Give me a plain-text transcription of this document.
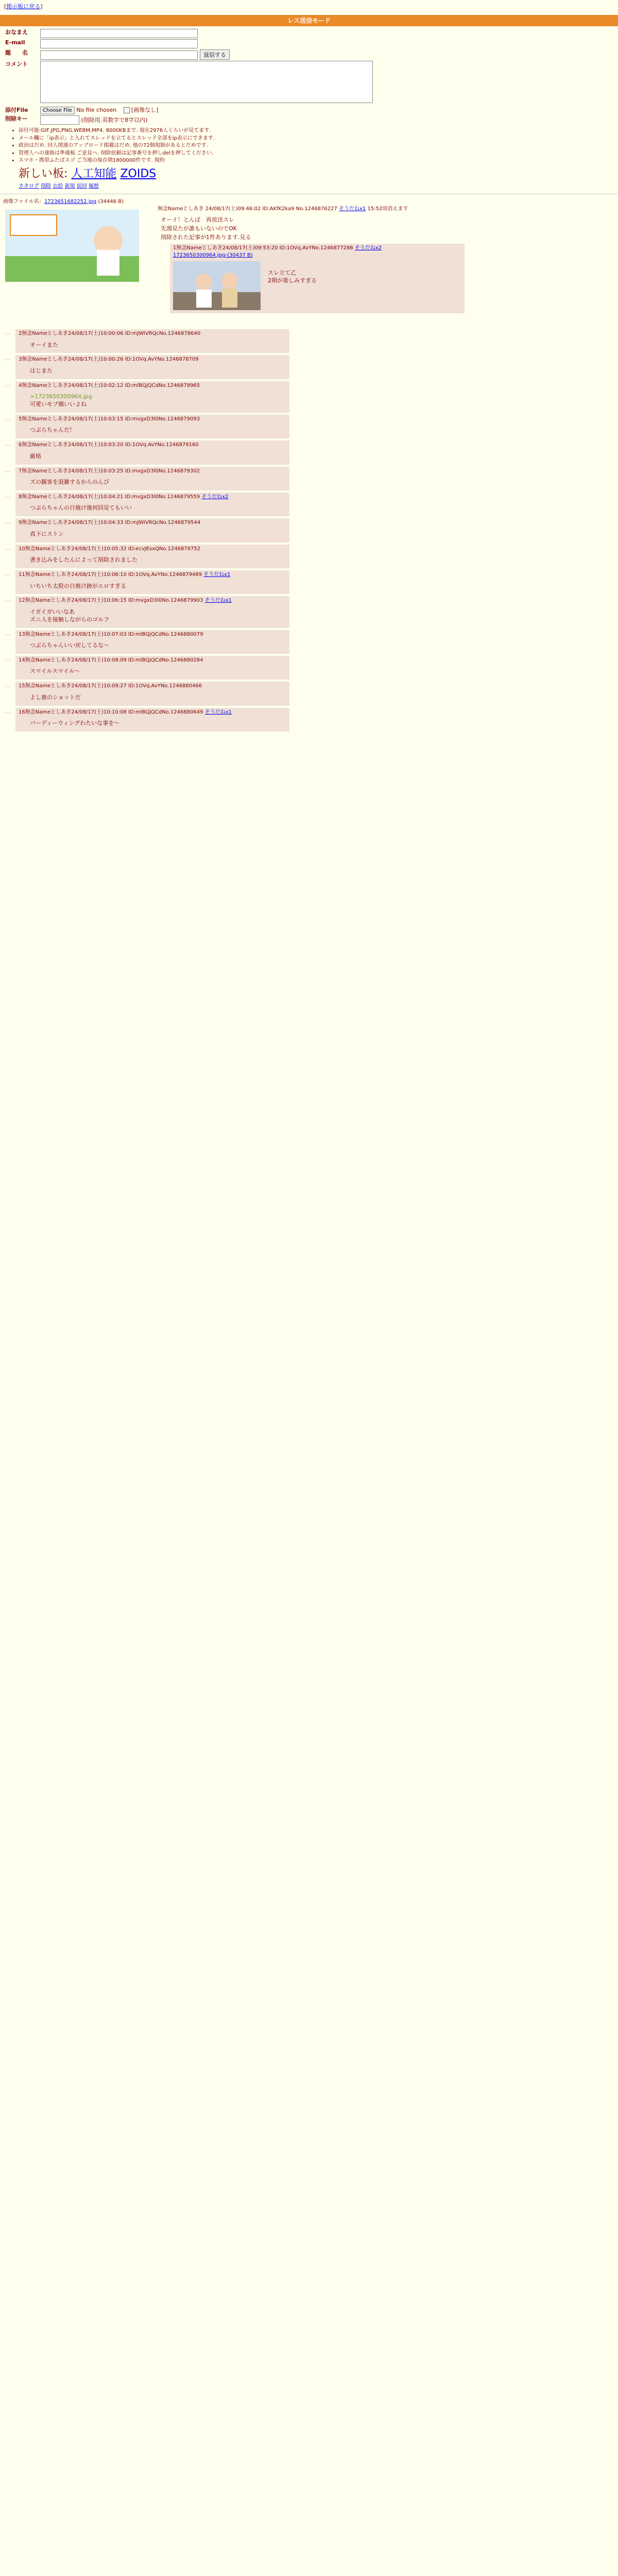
[掲示板に戻る]
レス送信モード
おなまえ	
E-mail	
題　　名	返信する
コメント	
添付File	Choose File No file chosen [画像なし]
削除キー	(削除用.英数字で8字以内)
• 添付可能:GIF,JPG,PNG,WEBM,MP4. 8000KBまで. 現在2976人くらいが見てます.
• メール欄に「ip表示」と入れてスレッドを立てるとスレッド全部をip表示にできます.
• 政治はだめ. 同人関連のアップロード掲載はだめ. 他の72個規制があるとだめです.
• 管理人への連絡は準備板 ご意見へ. 削除依頼は記事番号を押しdelを押してください.
• スマホ・携帯ふたばスゴ ご当地の保存期1800000件です. 規約
新しい板: 人工知能 ZOIDS
カタログ 削除 お絵 新規 前回 履歴
画像ファイル名：1723651682252.jpg (34446 B)
無念Nameとしあき 24/08/17(土)09:46:02 ID:AKfK2ka9 No.1246876227 そうだねx1 15:52頃消えます
オーイ！とんぼ　再放送スレ
先週見たが誰もいないのでOK
削除された記事が1件あります.見る
1無念Nameとしあき24/08/17(土)09:53:20 ID:1OVq.AvYNo.1246877288 そうだねx2
1723650300964.jpg-(30437 B)
スレ立て乙
2期が楽しみすぎる
… 2無念Nameとしあき24/08/17(土)10:00:06 ID:mJWiVRQcNo.1246878640
オーイまた
… 3無念Nameとしあき24/08/17(土)10:00:26 ID:1OVq.AvYNo.1246878709
はじまた
… 4無念Nameとしあき24/08/17(土)10:02:12 ID:mlBQjQCdNo.1246878965
>1723650300964.jpg
可愛いモブ顔いいよね
… 5無念Nameとしあき24/08/17(土)10:03:15 ID:mvgxD3l0No.1246879093
つぶらちゃんだ！
… 6無念Nameとしあき24/08/17(土)10:03:20 ID:1OVq.AvYNo.1246879160
厳格
… 7無念Nameとしあき24/08/17(土)10:03:25 ID:mvgxD3l0No.1246879302
ズの観客を混雑するからのんび
… 8無念Nameとしあき24/08/17(土)10:04:21 ID:mvgxD3l0No.1246879559 そうだねx2
つぶらちゃんの日焼け後何回見てもいい
… 9無念Nameとしあき24/08/17(土)10:04:33 ID:mJWiVRQcNo.1246879544
真下にストン
… 10無念Nameとしあき24/08/17(土)10:05:32 ID:ecvJEsxQNo.1246879752
書き込みをしたんによって削除されました
… 11無念Nameとしあき24/08/17(土)10:06:10 ID:1OVq.AvYNo.1246879489 そうだねx1
いちいち太股の日焼け跡がエロすぎる
… 12無念Nameとしあき24/08/17(土)10:06:15 ID:mvgxD3l0No.1246879903 そうだねx1
イガイガいいなあ
ズニ人を接触しながらのゴルフ
… 13無念Nameとしあき24/08/17(土)10:07:03 ID:mlBQjQCdNo.1246880079
つぶらちゃんいい戻してるな～
… 14無念Nameとしあき24/08/17(土)10:08:09 ID:mlBQjQCdNo.1246880284
スマイルスマイル～
… 15無念Nameとしあき24/08/17(土)10:09:27 ID:1OVq.AvYNo.1246880466
よし旗のショットだ
… 16無念Nameとしあき24/08/17(土)10:10:08 ID:mlBQjQCdNo.1246880649 そうだねx1
バーディーウィングわたいな事を～
